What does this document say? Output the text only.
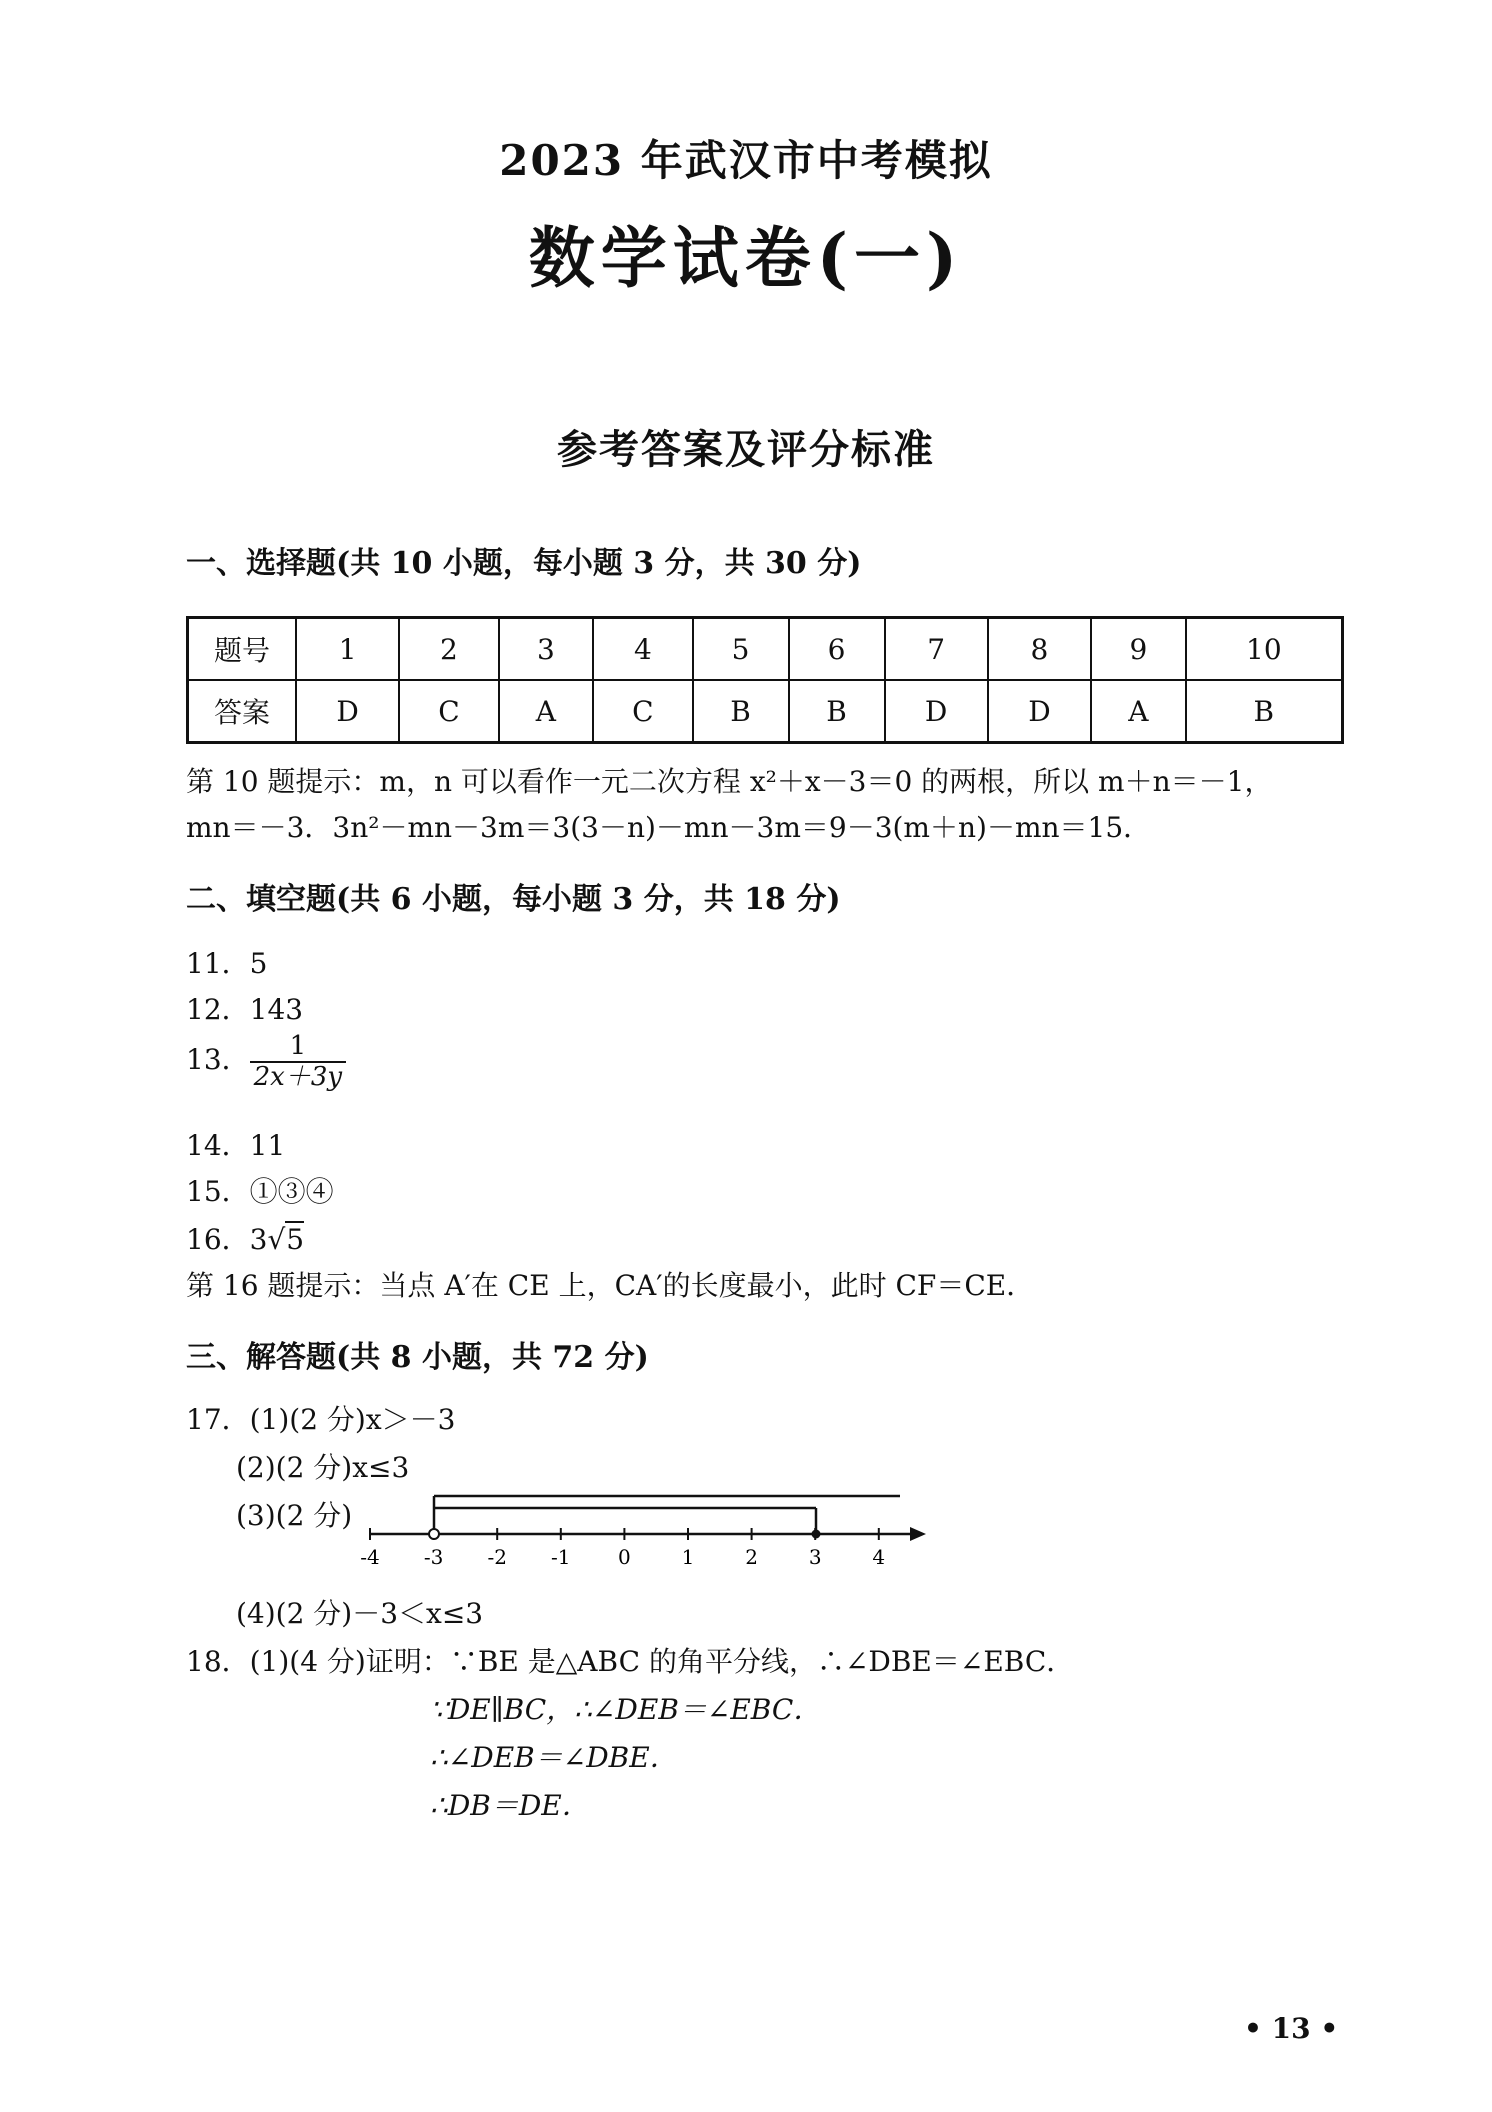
2023 年武汉市中考模拟
数学试卷(一)
参考答案及评分标准
一、选择题(共 10 小题，每小题 3 分，共 30 分)
题号	1	2	3	4	5	6	7	8	9	10
答案	D	C	A	C	B	B	D	D	A	B
第 10 题提示：m，n 可以看作一元二次方程 x²＋x－3＝0 的两根，所以 m＋n＝－1，
mn＝－3．3n²－mn－3m＝3(3－n)－mn－3m＝9－3(m＋n)－mn＝15．
二、填空题(共 6 小题，每小题 3 分，共 18 分)
11．5
12．143
13． $\frac{1}{2x+3y}$
14．11
15．①③④
16．3√5
第 16 题提示：当点 A′在 CE 上，CA′的长度最小，此时 CF＝CE．
三、解答题(共 8 小题，共 72 分)
17．(1)(2 分)x＞－3
(2)(2 分)x≤3
(3)(2 分)
-4 -3 -2 -1 0	1	2	3	4
(4)(2 分)－3＜x≤3
18．(1)(4 分)证明：∵BE 是△ABC 的角平分线，∴∠DBE＝∠EBC．
∵DE∥BC，∴∠DEB＝∠EBC．
∴∠DEB＝∠DBE．
∴DB＝DE．
• 13 •
